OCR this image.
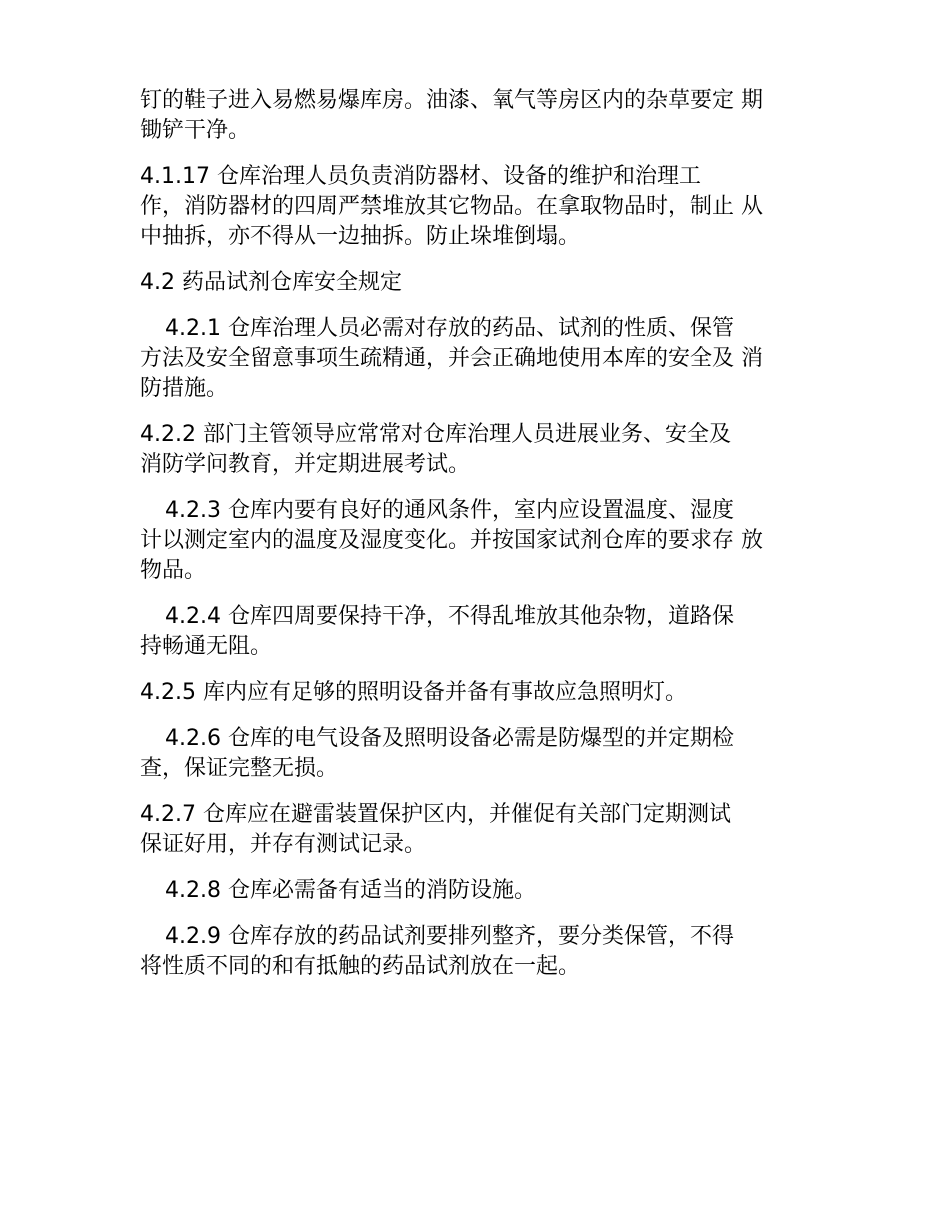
钉的鞋子进入易燃易爆库房。油漆、氧气等房区内的杂草要定 期
锄铲干净。

4.1.17 仓库治理人员负责消防器材、设备的维护和治理工
作，消防器材的四周严禁堆放其它物品。在拿取物品时，制止 从
中抽拆，亦不得从一边抽拆。防止垛堆倒塌。

4.2 药品试剂仓库安全规定

4.2.1 仓库治理人员必需对存放的药品、试剂的性质、保管
方法及安全留意事项生疏精通，并会正确地使用本库的安全及 消
防措施。

4.2.2 部门主管领导应常常对仓库治理人员进展业务、安全及
消防学问教育，并定期进展考试。

4.2.3 仓库内要有良好的通风条件，室内应设置温度、湿度
计以测定室内的温度及湿度变化。并按国家试剂仓库的要求存 放
物品。

4.2.4 仓库四周要保持干净，不得乱堆放其他杂物，道路保
持畅通无阻。

4.2.5 库内应有足够的照明设备并备有事故应急照明灯。

4.2.6 仓库的电气设备及照明设备必需是防爆型的并定期检
查，保证完整无损。

4.2.7 仓库应在避雷装置保护区内，并催促有关部门定期测试
保证好用，并存有测试记录。

4.2.8 仓库必需备有适当的消防设施。

4.2.9 仓库存放的药品试剂要排列整齐，要分类保管，不得
将性质不同的和有抵触的药品试剂放在一起。
